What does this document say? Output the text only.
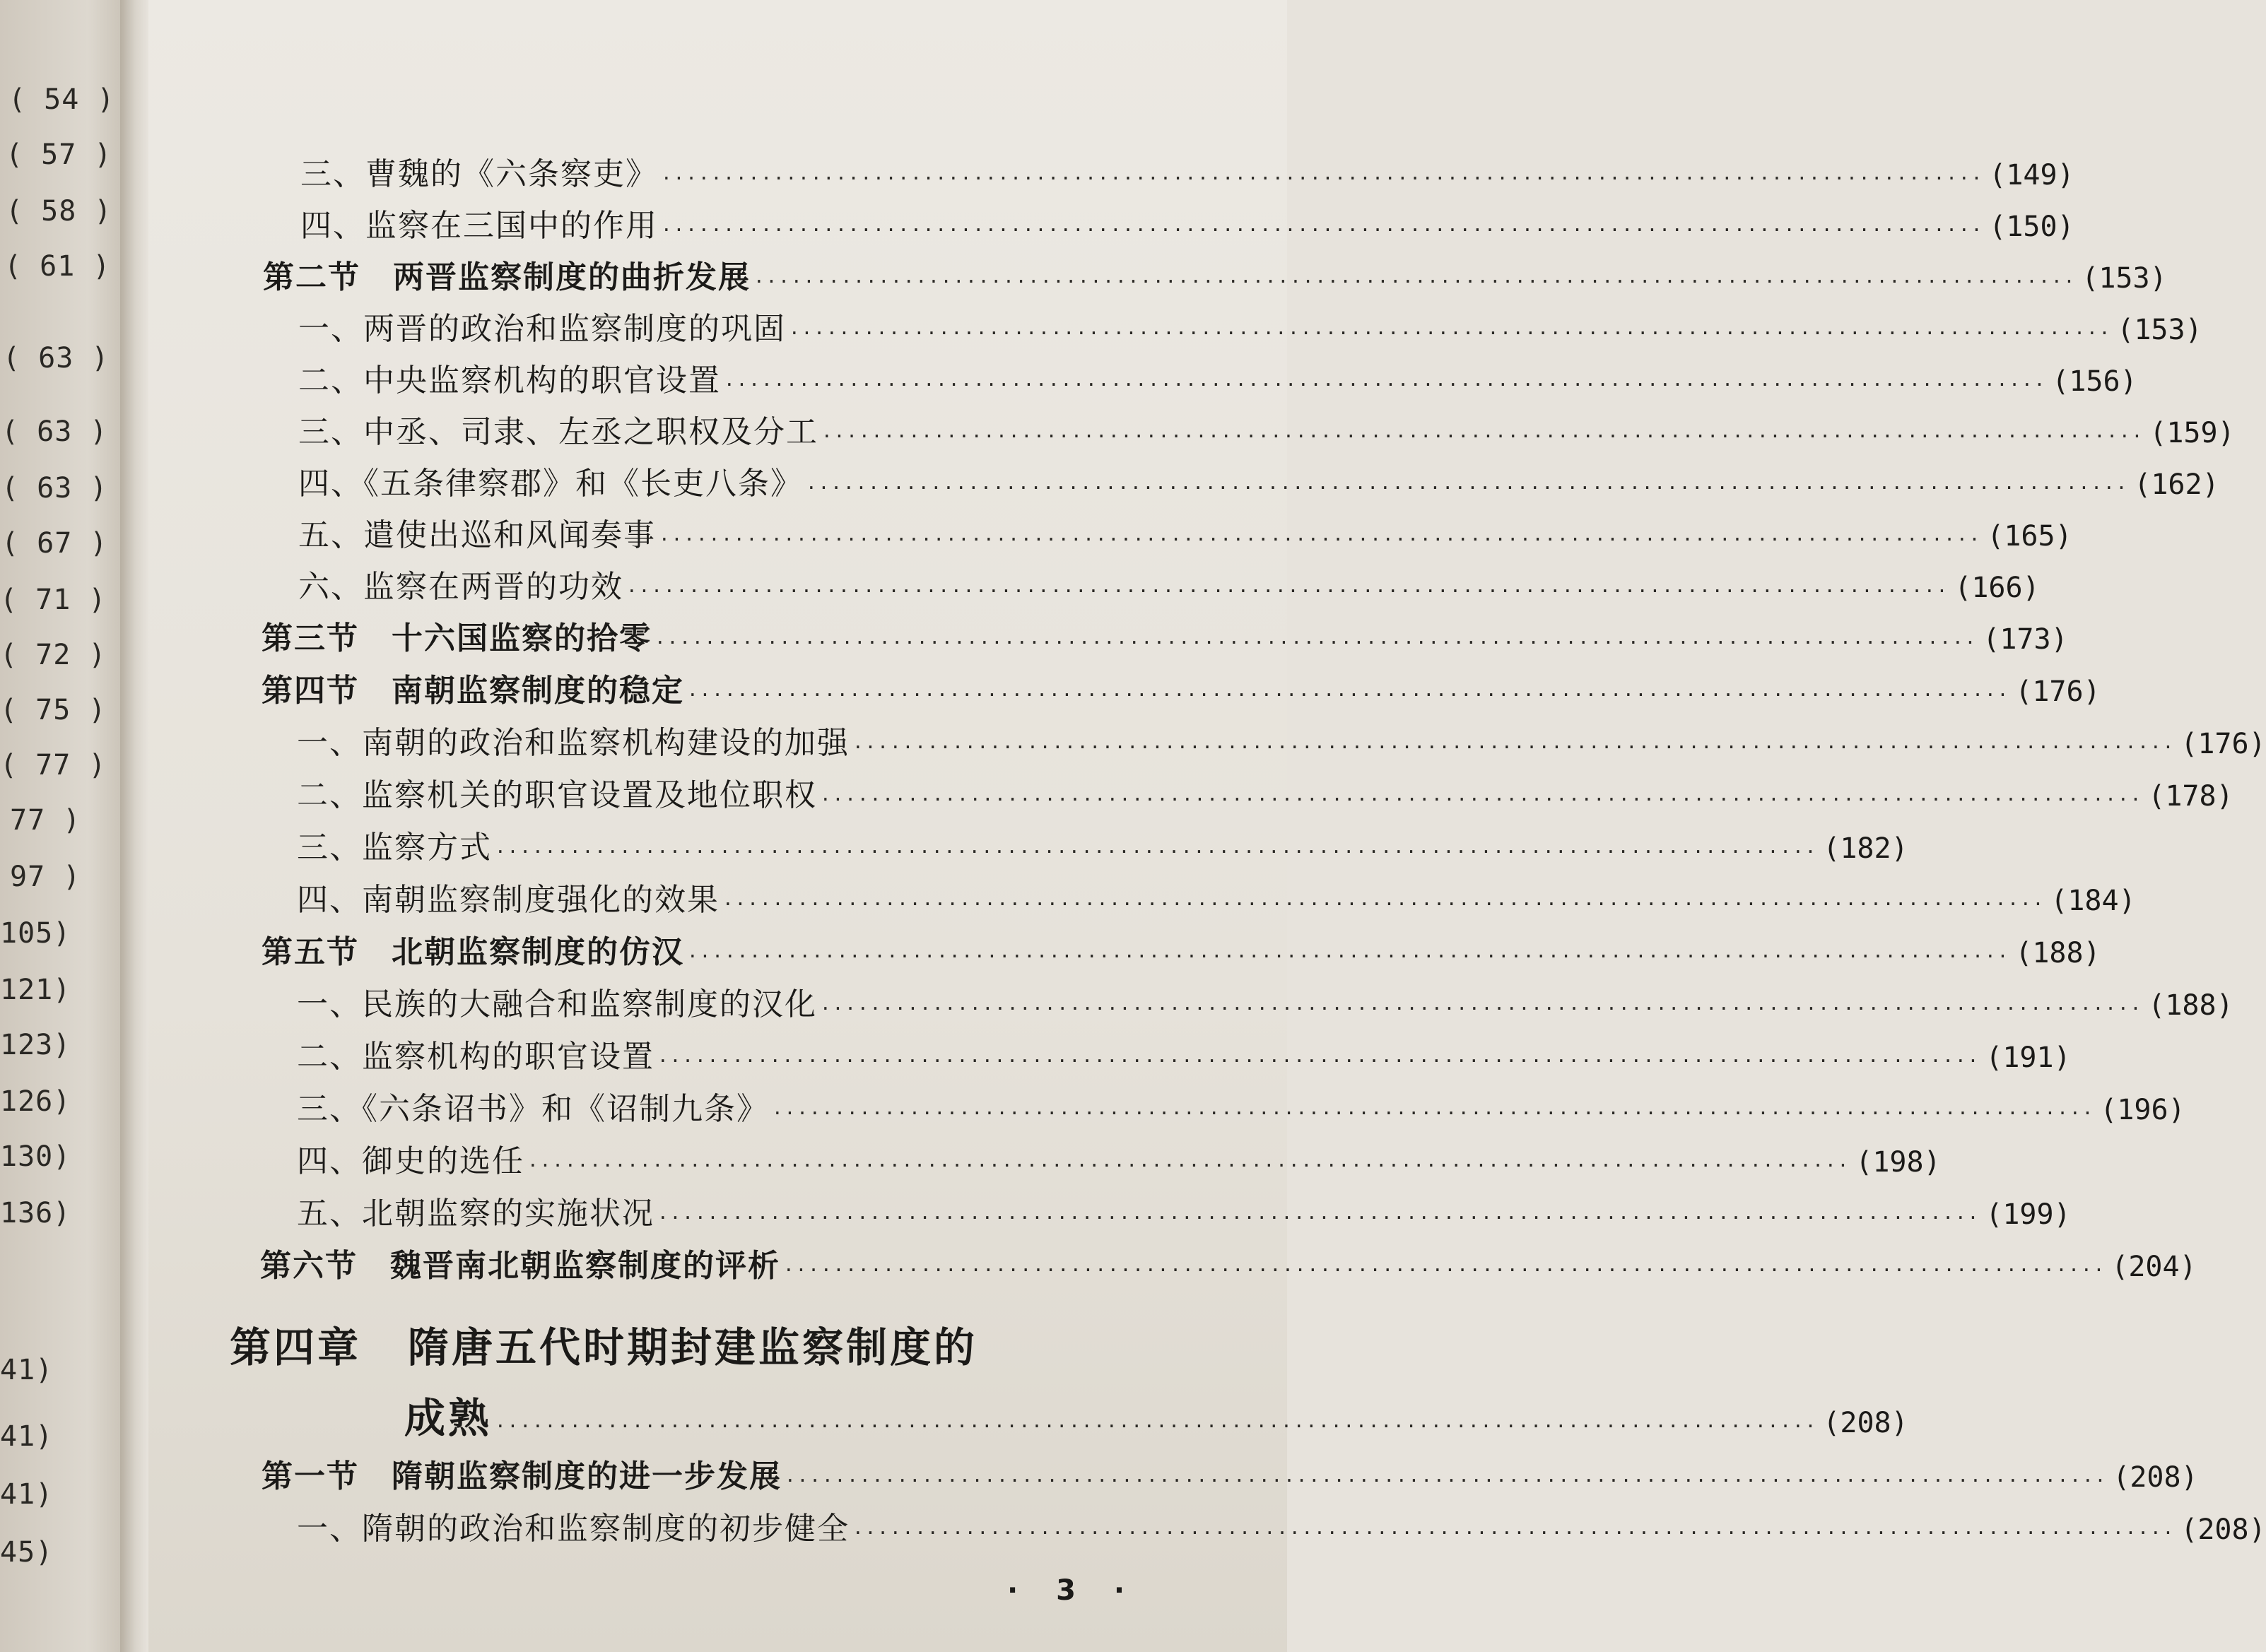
( 54 )
( 57 )
( 58 )
( 61 )
( 63 )
( 63 )
( 63 )
( 67 )
( 71 )
( 72 )
( 75 )
( 77 )
77 )
97 )
105)
121)
123)
126)
130)
136)
41)
41)
41)
45)
三、曹魏的《六条察吏》 ·····	(149)
四、监察在三国中的作用 ·····	(150)
第二节　两晋监察制度的曲折发展 ·····	(153)
一、两晋的政治和监察制度的巩固 ·····	(153)
二、中央监察机构的职官设置 ·····	(156)
三、中丞、司隶、左丞之职权及分工 ·····	(159)
四、《五条律察郡》和《长吏八条》 ·····	(162)
五、遣使出巡和风闻奏事 ·····	(165)
六、监察在两晋的功效 ·····	(166)
第三节　十六国监察的拾零 ·····	(173)
第四节　南朝监察制度的稳定 ·····	(176)
一、南朝的政治和监察机构建设的加强 ·····	(176)
二、监察机关的职官设置及地位职权 ·····	(178)
三、监察方式 ·····	(182)
四、南朝监察制度强化的效果 ·····	(184)
第五节　北朝监察制度的仿汉 ·····	(188)
一、民族的大融合和监察制度的汉化 ·····	(188)
二、监察机构的职官设置 ·····	(191)
三、《六条诏书》和《诏制九条》 ·····	(196)
四、御史的选任 ·····	(198)
五、北朝监察的实施状况 ·····	(199)
第六节　魏晋南北朝监察制度的评析 ·····	(204)
第四章 隋唐五代时期封建监察制度的
成熟 ·····	(208)
第一节　隋朝监察制度的进一步发展 ·····	(208)
一、隋朝的政治和监察制度的初步健全 ·····	(208)
· 3 ·
